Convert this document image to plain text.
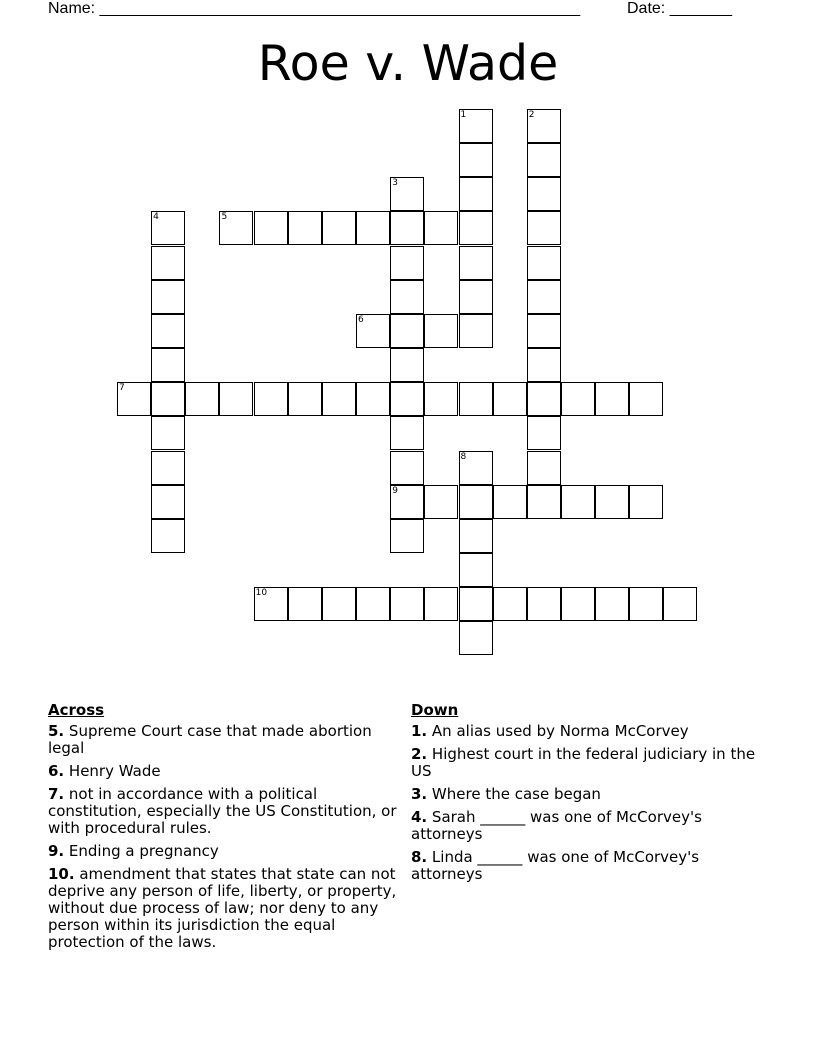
Name: ______________________________________________________	Date: _______
Roe v. Wade
1	2
3
9
4	5
6
7
8
10
Across
5. Supreme Court case that made abortion legal
6. Henry Wade
7. not in accordance with a political constitution, especially the US Constitution, or with procedural rules.
9. Ending a pregnancy
10. amendment that states that state can not deprive any person of life, liberty, or property, without due process of law; nor deny to any person within its jurisdiction the equal protection of the laws.
Down
1. An alias used by Norma McCorvey
2. Highest court in the federal judiciary in the US
3. Where the case began
4. Sarah ______ was one of McCorvey's attorneys
8. Linda ______ was one of McCorvey's attorneys
